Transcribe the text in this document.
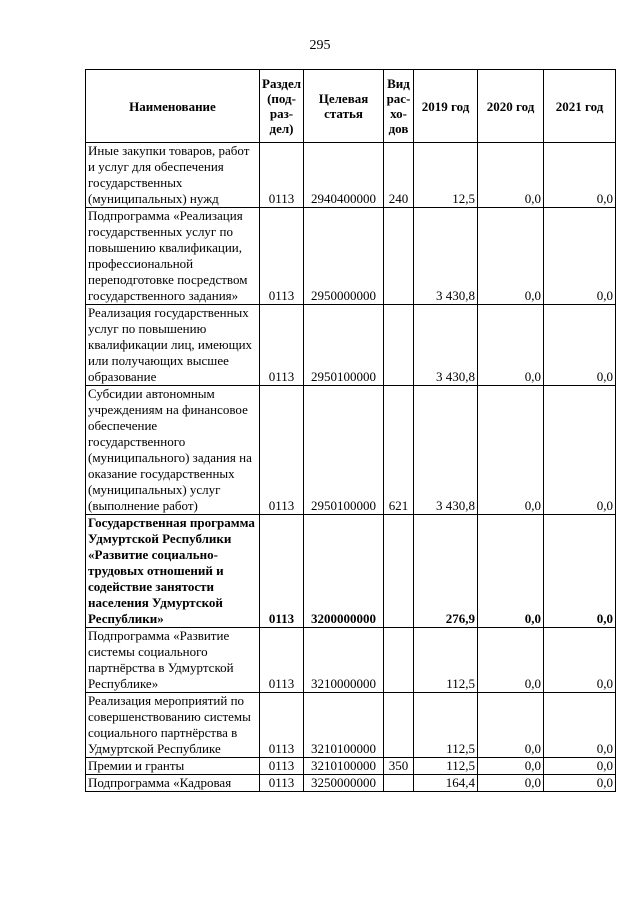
295
Наименование	Раздел (под- раз- дел)	Целевая статья	Вид рас- хо- дов	2019 год	2020 год	2021 год
Иные закупки товаров, работ и услуг для обеспечения государственных (муниципальных) нужд	0113	2940400000	240	12,5	0,0	0,0
Подпрограмма «Реализация государственных услуг по повышению квалификации, профессиональной переподготовке посредством государственного задания»	0113	2950000000		3 430,8	0,0	0,0
Реализация государственных услуг по повышению квалификации лиц, имеющих или получающих высшее образование	0113	2950100000		3 430,8	0,0	0,0
Субсидии автономным учреждениям на финансовое обеспечение государственного (муниципального) задания на оказание государственных (муниципальных) услуг (выполнение работ)	0113	2950100000	621	3 430,8	0,0	0,0
Государственная программа Удмуртской Республики «Развитие социально-трудовых отношений и содействие занятости населения Удмуртской Республики»	0113	3200000000		276,9	0,0	0,0
Подпрограмма «Развитие системы социального партнёрства в Удмуртской Республике»	0113	3210000000		112,5	0,0	0,0
Реализация мероприятий по совершенствованию системы социального партнёрства в Удмуртской Республике	0113	3210100000		112,5	0,0	0,0
Премии и гранты	0113	3210100000	350	112,5	0,0	0,0
Подпрограмма «Кадровая	0113	3250000000		164,4	0,0	0,0
